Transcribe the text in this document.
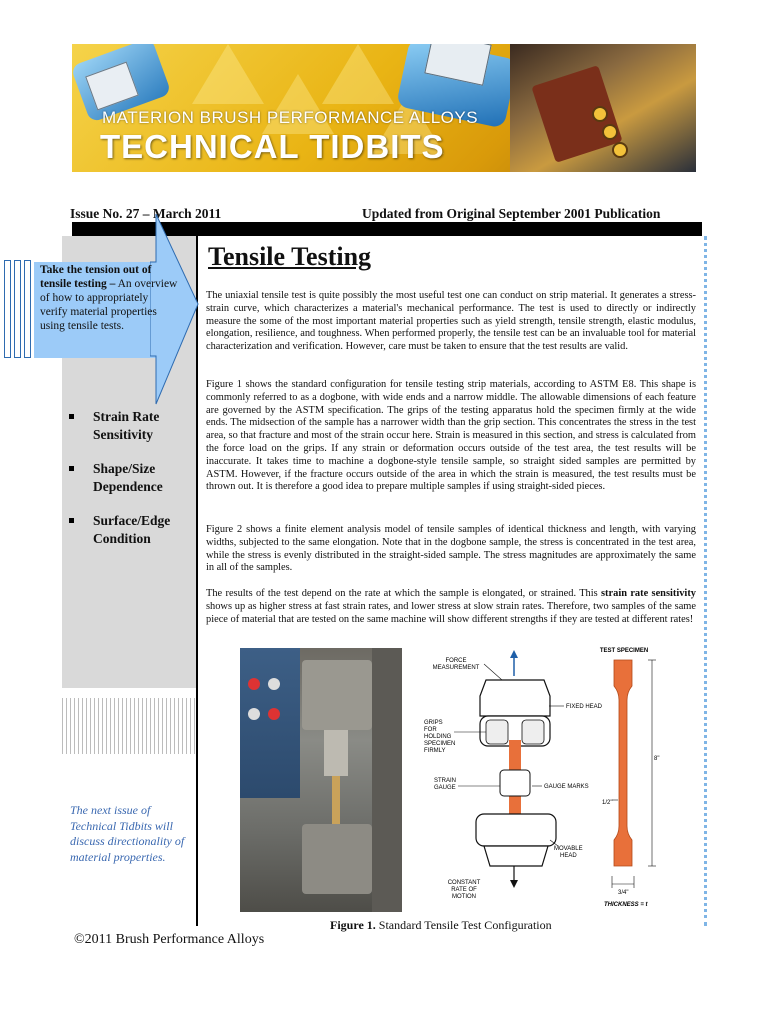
MATERION BRUSH PERFORMANCE ALLOYS
TECHNICAL TIDBITS
Issue No. 27 – March 2011	Updated from Original September 2001 Publication
Take the tension out of tensile testing – An overview of how to appropriately verify material properties using tensile tests.
Strain Rate Sensitivity
Shape/Size Dependence
Surface/Edge Condition
The next issue of Technical Tidbits will discuss directionality of material properties.
Tensile Testing

The uniaxial tensile test is quite possibly the most useful test one can conduct on strip material. It generates a stress-strain curve, which characterizes a material's mechanical performance. The test is used to directly or indirectly measure the some of the most important material properties such as yield strength, tensile strength, elastic modulus, elongation, resilience, and toughness. When performed properly, the tensile test can be an invaluable tool for material characterization and verification. However, care must be taken to ensure that the test results are valid.

Figure 1 shows the standard configuration for tensile testing strip materials, according to ASTM E8. This shape is commonly referred to as a dogbone, with wide ends and a narrow middle. The allowable dimensions of each feature are governed by the ASTM specification. The grips of the testing apparatus hold the specimen firmly at the wide ends. The midsection of the sample has a narrower width than the grip section. This concentrates the stress in the test area, so that fracture and most of the strain occur here. Strain is measured in this section, and stress is calculated from the force load on the grips. If any strain or deformation occurs outside of the test area, the test results will be inaccurate. It takes time to machine a dogbone-style tensile sample, so straight sided samples are permitted by ASTM. However, if the fracture occurs outside of the area in which the strain is measured, the test results must be thrown out. It is therefore a good idea to prepare multiple samples if using straight-sided pieces.

Figure 2 shows a finite element analysis model of tensile samples of identical thickness and length, with varying widths, subjected to the same elongation. Note that in the dogbone sample, the stress is concentrated in the test area, while the stress is evenly distributed in the straight-sided sample. The stress magnitudes are approximately the same in all of the samples.

The results of the test depend on the rate at which the sample is elongated, or strained. This strain rate sensitivity shows up as higher stress at fast strain rates, and lower stress at slow strain rates. Therefore, two samples of the same piece of material that are tested on the same machine will show different strengths if they are tested at different rates!

FORCE MEASUREMENT
FIXED HEAD
GRIPS FOR HOLDING SPECIMEN FIRMLY
STRAIN GAUGE	GAUGE MARKS
MOVABLE HEAD
CONSTANT RATE OF MOTION
TEST SPECIMEN
8"
1/2"
3/4"
THICKNESS = t
Figure 1. Standard Tensile Test Configuration
©2011 Brush Performance Alloys
